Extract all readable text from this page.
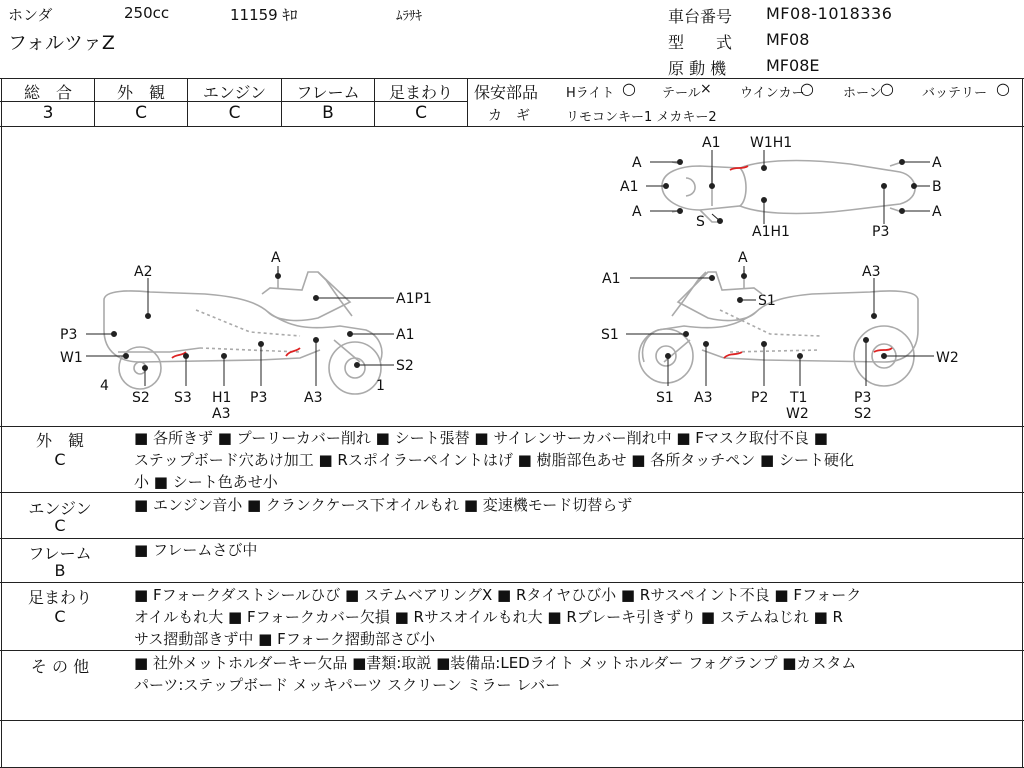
ホンダ	250cc	11159 ｷﾛ	ﾑﾗｻｷ
フォルツァZ
車台番号 MF08-1018336
型　　式 MF08
原 動 機 MF08E
総　合
3
外　観
C
エンジン
C
フレーム
B
足まわり
C
保安部品 Hライト ○ テール × ウインカー
○ ホーン
○ バッテリー ○
カ　ギ	リモコンキー1 メカキー2
A2
A
A1P1
P3	A1
W1	S2
4	1
S2 S3 H1
A3
P3	A3
A1
A
A3
S1
S1
W2
S1 A3	P2 T1
W2
P3
S2
A1 W1H1
A	A
A1	B
A	A
S
A1H1	P3
外　観
C
■ 各所きず ■ プーリーカバー削れ ■ シート張替 ■ サイレンサーカバー削れ中 ■ Fマスク取付不良 ■
ステップボード穴あけ加工 ■ Rスポイラーペイントはげ ■ 樹脂部色あせ ■ 各所タッチペン ■ シート硬化
小 ■ シート色あせ小
エンジン
C
■ エンジン音小 ■ クランクケース下オイルもれ ■ 変速機モード切替らず
フレーム
B
■ フレームさび中
足まわり
C
■ Fフォークダストシールひび ■ ステムベアリングX ■ Rタイヤひび小 ■ Rサスペイント不良 ■ Fフォーク
オイルもれ大 ■ Fフォークカバー欠損 ■ Rサスオイルもれ大 ■ Rブレーキ引きずり ■ ステムねじれ ■ R
サス摺動部きず中 ■ Fフォーク摺動部さび小
そ の 他	■ 社外メットホルダーキー欠品 ■書類:取説 ■装備品:LEDライト メットホルダー フォグランプ ■カスタム
パーツ:ステップボード メッキパーツ スクリーン ミラー レバー
